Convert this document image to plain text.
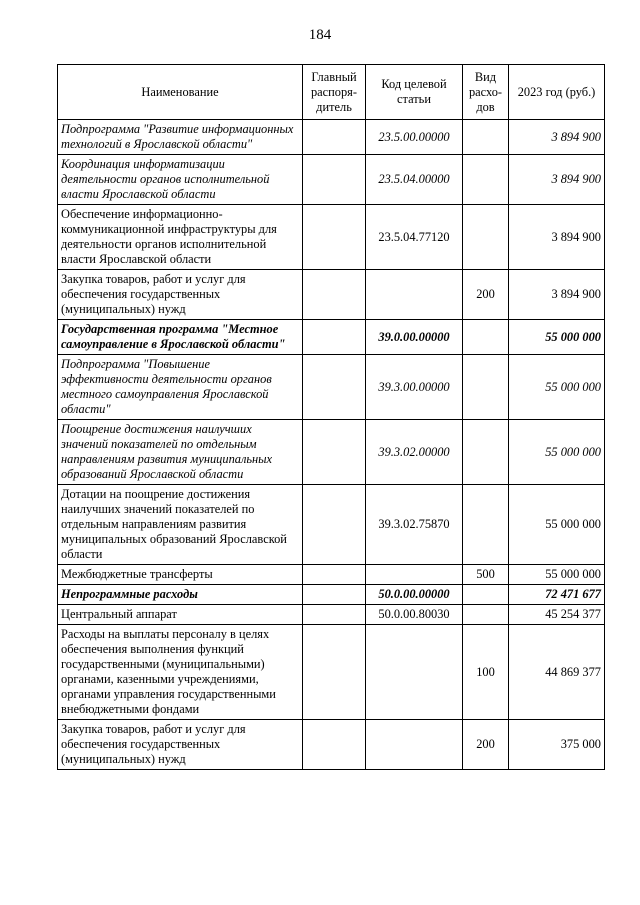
184
Наименование	Главный распоря-дитель	Код целевой статьи	Вид расхо-дов	2023 год (руб.)
Подпрограмма "Развитие информационных технологий в Ярославской области"		23.5.00.00000		3 894 900
Координация информатизации деятельности органов исполнительной власти Ярославской области		23.5.04.00000		3 894 900
Обеспечение информационно-коммуникационной инфраструктуры для деятельности органов исполнительной власти Ярославской области		23.5.04.77120		3 894 900
Закупка товаров, работ и услуг для обеспечения государственных (муниципальных) нужд			200	3 894 900
Государственная программа "Местное самоуправление в Ярославской области"		39.0.00.00000		55 000 000
Подпрограмма "Повышение эффективности деятельности органов местного самоуправления Ярославской области"		39.3.00.00000		55 000 000
Поощрение достижения наилучших значений показателей по отдельным направлениям развития муниципальных образований Ярославской области		39.3.02.00000		55 000 000
Дотации на поощрение достижения наилучших значений показателей по отдельным направлениям развития муниципальных образований Ярославской области		39.3.02.75870		55 000 000
Межбюджетные трансферты			500	55 000 000
Непрограммные расходы		50.0.00.00000		72 471 677
Центральный аппарат		50.0.00.80030		45 254 377
Расходы на выплаты персоналу в целях обеспечения выполнения функций государственными (муниципальными) органами, казенными учреждениями, органами управления государственными внебюджетными фондами			100	44 869 377
Закупка товаров, работ и услуг для обеспечения государственных (муниципальных) нужд			200	375 000
